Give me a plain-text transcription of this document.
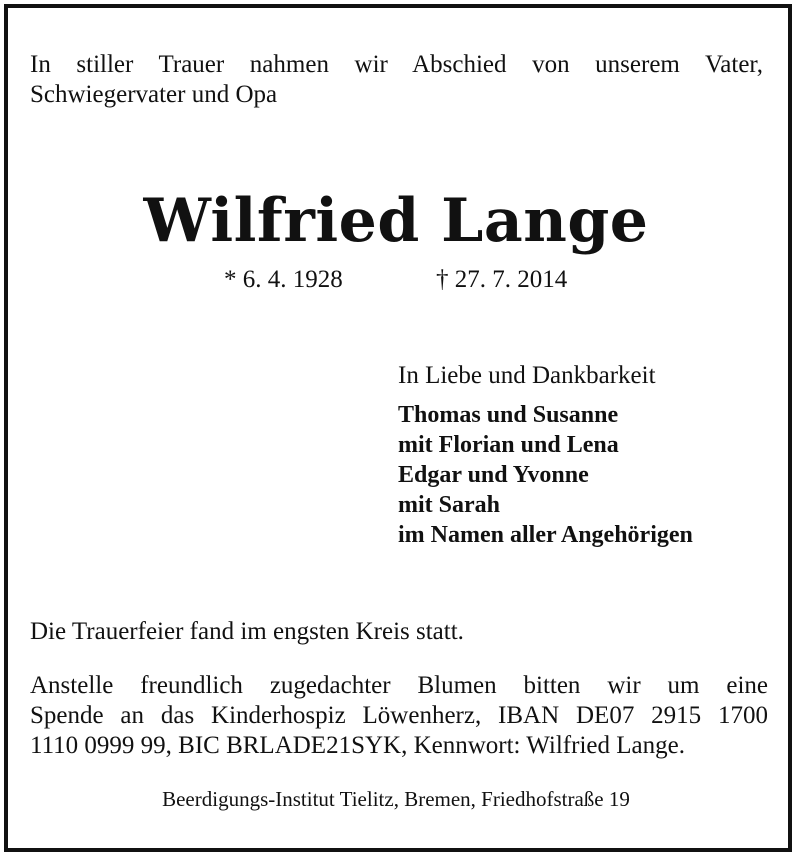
In stiller Trauer nahmen wir Abschied von unserem Vater,
Schwiegervater und Opa
Wilfried Lange
* 6. 4. 1928	† 27. 7. 2014
In Liebe und Dankbarkeit
Thomas und Susanne
mit Florian und Lena
Edgar und Yvonne
mit Sarah
im Namen aller Angehörigen
Die Trauerfeier fand im engsten Kreis statt.
Anstelle freundlich zugedachter Blumen bitten wir um eine
Spende an das Kinderhospiz Löwenherz, IBAN DE07 2915 1700
1110 0999 99, BIC BRLADE21SYK, Kennwort: Wilfried Lange.
Beerdigungs-Institut Tielitz, Bremen, Friedhofstraße 19
